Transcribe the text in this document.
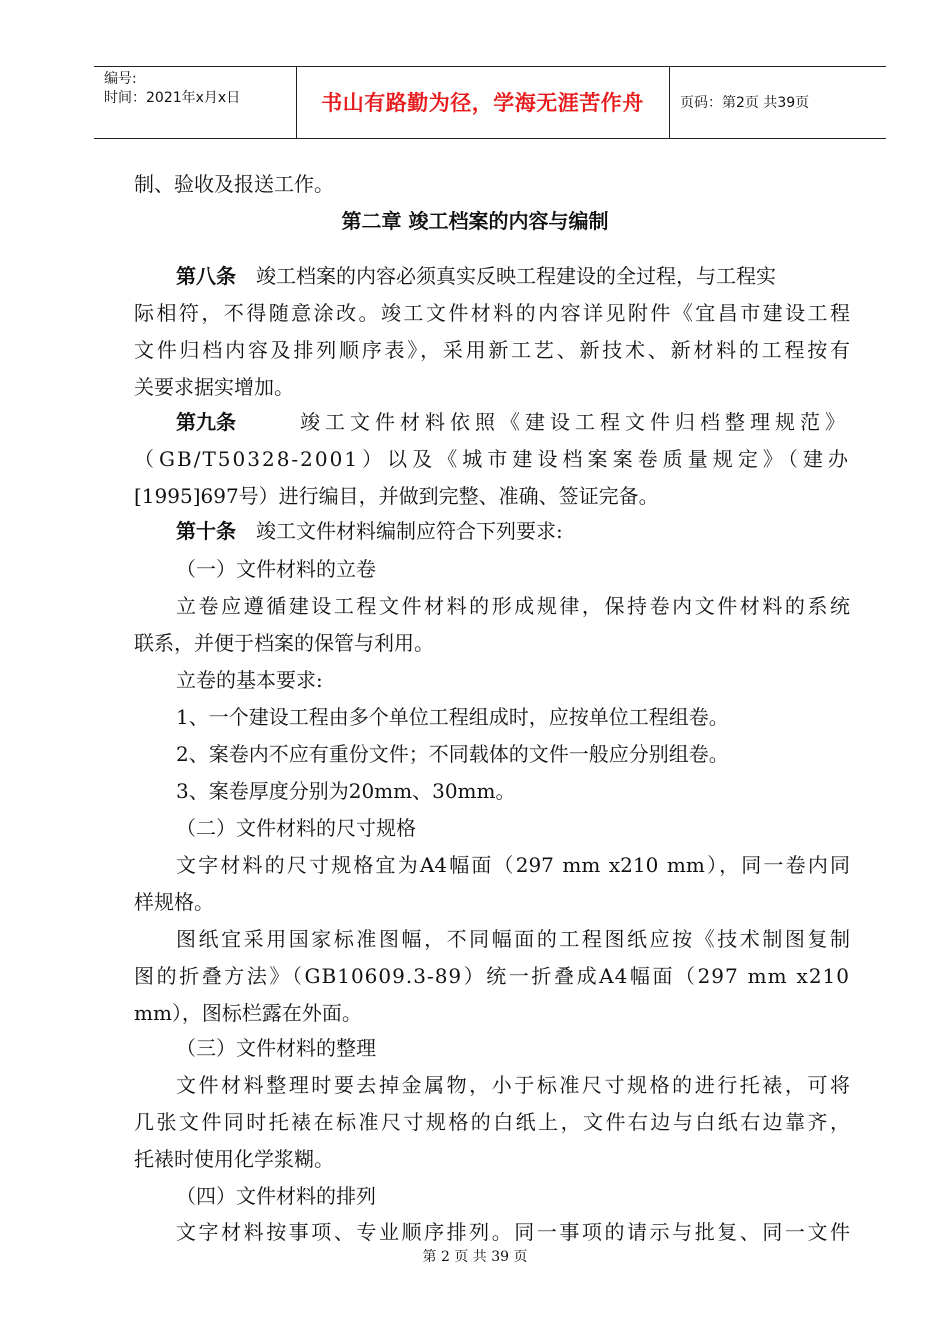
编号:
时间：2021年x月x日	书山有路勤为径，学海无涯苦作舟	页码：第2页 共39页
制、验收及报送工作。
第二章 竣工档案的内容与编制
第八条 竣工档案的内容必须真实反映工程建设的全过程，与工程实
际相符，不得随意涂改。竣工文件材料的内容详见附件《宜昌市建设工程
文件归档内容及排列顺序表》，采用新工艺、新技术、新材料的工程按有
关要求据实增加。
第九条	竣工文件材料依照《建设工程文件归档整理规范》
（GB/T50328-2001）以及《城市建设档案案卷质量规定》（建办
[1995]697号）进行编目，并做到完整、准确、签证完备。
第十条 竣工文件材料编制应符合下列要求:
（一）文件材料的立卷
立卷应遵循建设工程文件材料的形成规律，保持卷内文件材料的系统
联系，并便于档案的保管与利用。
立卷的基本要求:
1、一个建设工程由多个单位工程组成时，应按单位工程组卷。
2、案卷内不应有重份文件；不同载体的文件一般应分别组卷。
3、案卷厚度分别为20mm、30mm。
（二）文件材料的尺寸规格
文字材料的尺寸规格宜为A4幅面（297 mm x210 mm），同一卷内同
样规格。
图纸宜采用国家标准图幅，不同幅面的工程图纸应按《技术制图复制
图的折叠方法》（GB10609.3-89）统一折叠成A4幅面（297 mm x210
mm），图标栏露在外面。
（三）文件材料的整理
文件材料整理时要去掉金属物，小于标准尺寸规格的进行托裱，可将
几张文件同时托裱在标准尺寸规格的白纸上，文件右边与白纸右边靠齐，
托裱时使用化学浆糊。
（四）文件材料的排列
文字材料按事项、专业顺序排列。同一事项的请示与批复、同一文件
第 2 页 共 39 页
